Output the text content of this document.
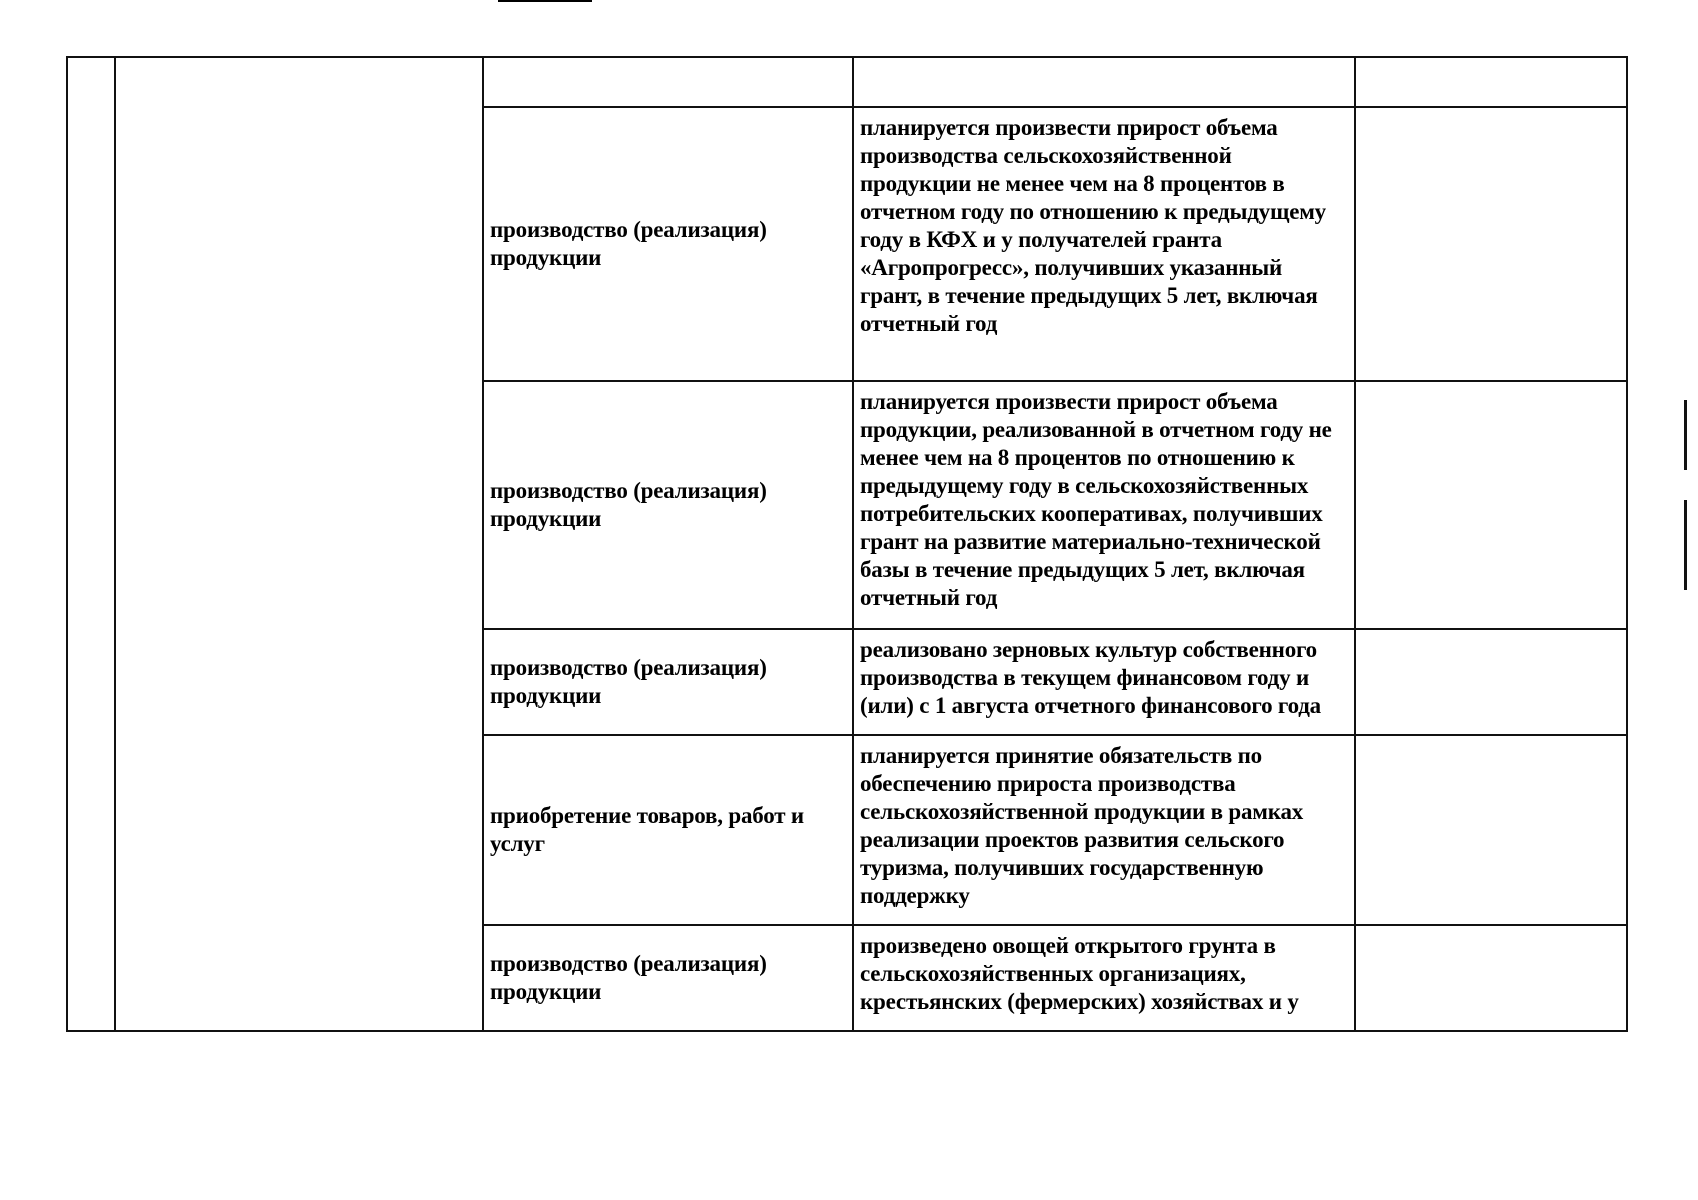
		производство (реализация) продукции	планируется произвести прирост объема производства сельскохозяйственной продукции не менее чем на 8 процентов в отчетном году по отношению к предыдущему году в КФХ и у получателей гранта «Агропрогресс», получивших указанный грант, в течение предыдущих 5 лет, включая отчетный год	
		производство (реализация) продукции	планируется произвести прирост объема продукции, реализованной в отчетном году не менее чем на 8 процентов по отношению к предыдущему году в сельскохозяйственных потребительских кооперативах, получивших грант на развитие материально-технической базы в течение предыдущих 5 лет, включая отчетный год	
		производство (реализация) продукции	реализовано зерновых культур собственного производства в текущем финансовом году и (или) с 1 августа отчетного финансового года	
		приобретение товаров, работ и услуг	планируется принятие обязательств по обеспечению прироста производства сельскохозяйственной продукции в рамках реализации проектов развития сельского туризма, получивших государственную поддержку	
		производство (реализация) продукции	произведено овощей открытого грунта в сельскохозяйственных организациях, крестьянских (фермерских) хозяйствах и у	
